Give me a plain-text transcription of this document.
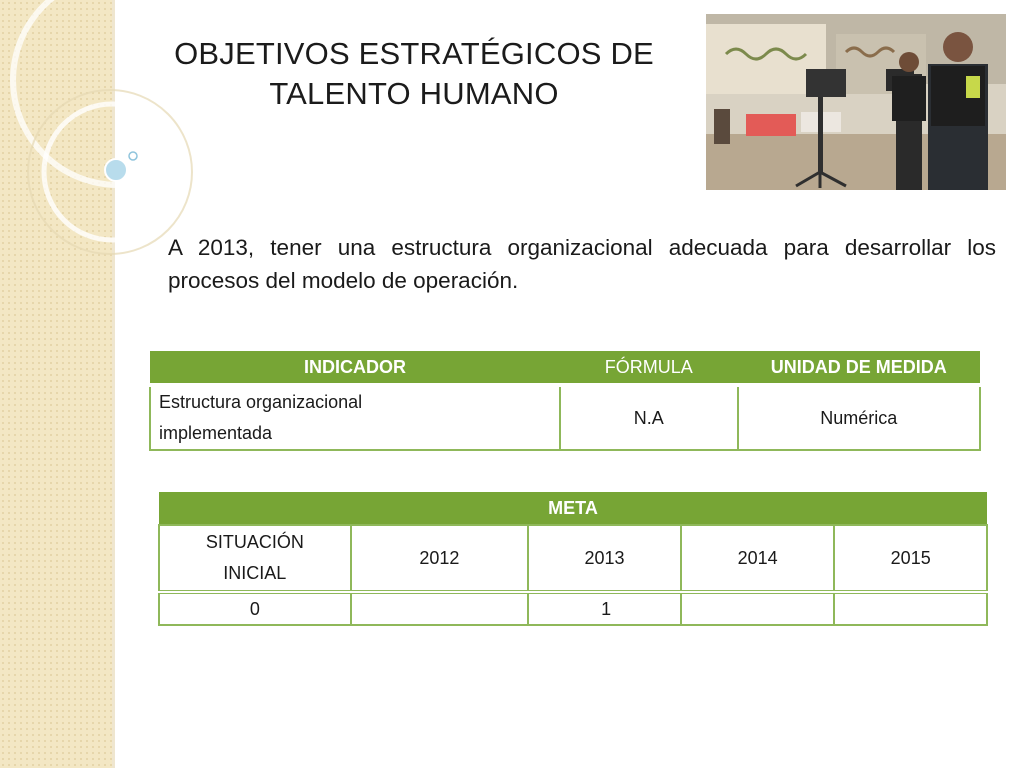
OBJETIVOS ESTRATÉGICOS DE
TALENTO HUMANO
A 2013, tener una estructura organizacional adecuada para desarrollar los procesos del modelo de operación.
INDICADOR	FÓRMULA	UNIDAD DE MEDIDA

Estructura organizacional
implementada	N.A	Numérica
META				

SITUACIÓN
INICIAL	2012	2013	2014	2015
0		1		
